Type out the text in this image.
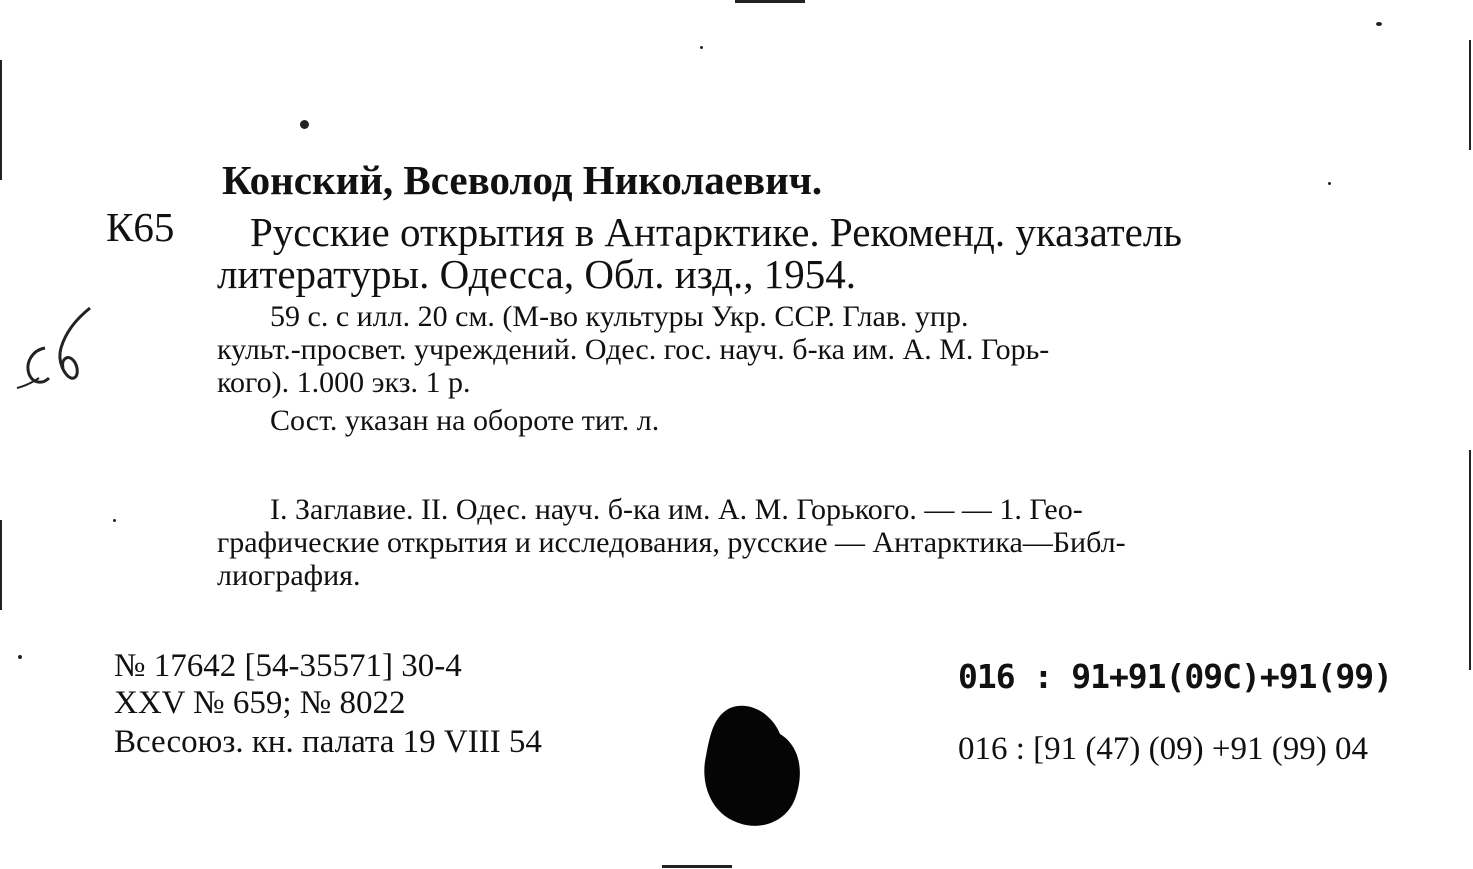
Конский, Всеволод Николаевич.
К65 Русские открытия в Антарктике. Рекоменд. указатель
литературы. Одесса, Обл. изд., 1954.
59 с. с илл. 20 см. (М-во культуры Укр. ССР. Глав. упр.
культ.-просвет. учреждений. Одес. гос. науч. б-ка им. А. М. Горь-
кого). 1.000 экз. 1 р.
Сост. указан на обороте тит. л.
I. Заглавие. II. Одес. науч. б-ка им. А. М. Горького. — — 1. Гео-
графические открытия и исследования, русские — Антарктика—Библ-
лиография.
№ 17642 [54-35571] 30-4
XXV № 659; № 8022
Всесоюз. кн. палата 19 VIII 54
016 : 91+91(09С)+91(99)
016 : [91 (47) (09) +91 (99) 04
